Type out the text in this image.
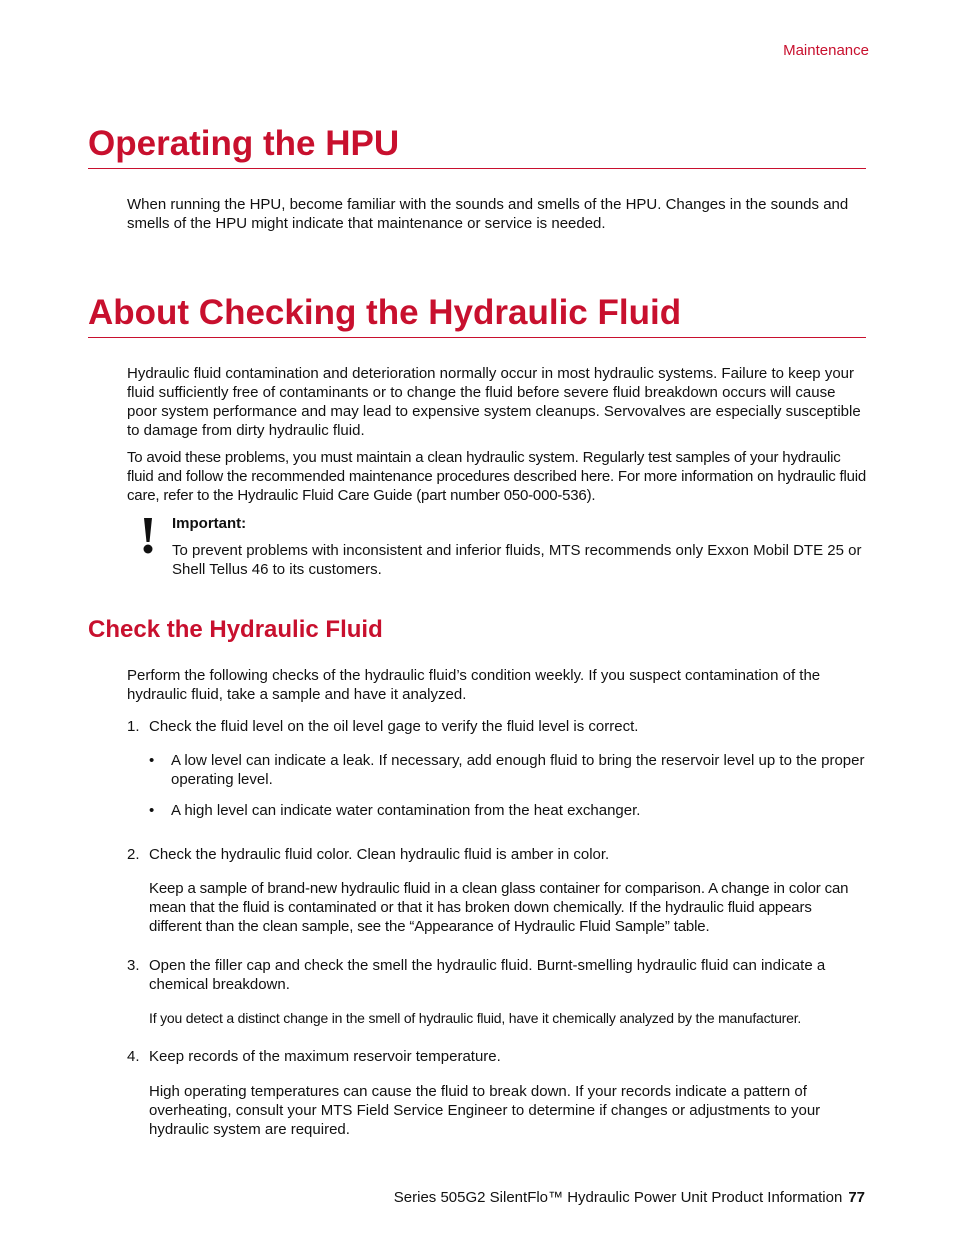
Maintenance
Operating the HPU

When running the HPU, become familiar with the sounds and smells of the HPU. Changes in the sounds and smells of the HPU might indicate that maintenance or service is needed.

About Checking the Hydraulic Fluid

Hydraulic fluid contamination and deterioration normally occur in most hydraulic systems. Failure to keep your fluid sufficiently free of contaminants or to change the fluid before severe fluid breakdown occurs will cause poor system performance and may lead to expensive system cleanups. Servovalves are especially susceptible to damage from dirty hydraulic fluid.

To avoid these problems, you must maintain a clean hydraulic system. Regularly test samples of your hydraulic fluid and follow the recommended maintenance procedures described here. For more information on hydraulic fluid care, refer to the Hydraulic Fluid Care Guide (part number 050-000-536).

Important:

To prevent problems with inconsistent and inferior fluids, MTS recommends only Exxon Mobil DTE 25 or Shell Tellus 46 to its customers.

Check the Hydraulic Fluid

Perform the following checks of the hydraulic fluid’s condition weekly. If you suspect contamination of the hydraulic fluid, take a sample and have it analyzed.

1. Check the fluid level on the oil level gage to verify the fluid level is correct.

• A low level can indicate a leak. If necessary, add enough fluid to bring the reservoir level up to the proper operating level.

• A high level can indicate water contamination from the heat exchanger.

2. Check the hydraulic fluid color. Clean hydraulic fluid is amber in color.

Keep a sample of brand-new hydraulic fluid in a clean glass container for comparison. A change in color can mean that the fluid is contaminated or that it has broken down chemically. If the hydraulic fluid appears different than the clean sample, see the “Appearance of Hydraulic Fluid Sample” table.

3. Open the filler cap and check the smell the hydraulic fluid. Burnt-smelling hydraulic fluid can indicate a chemical breakdown.

If you detect a distinct change in the smell of hydraulic fluid, have it chemically analyzed by the manufacturer.

4. Keep records of the maximum reservoir temperature.

High operating temperatures can cause the fluid to break down. If your records indicate a pattern of overheating, consult your MTS Field Service Engineer to determine if changes or adjustments to your hydraulic system are required.

Series 505G2 SilentFlo™ Hydraulic Power Unit Product Information 77
